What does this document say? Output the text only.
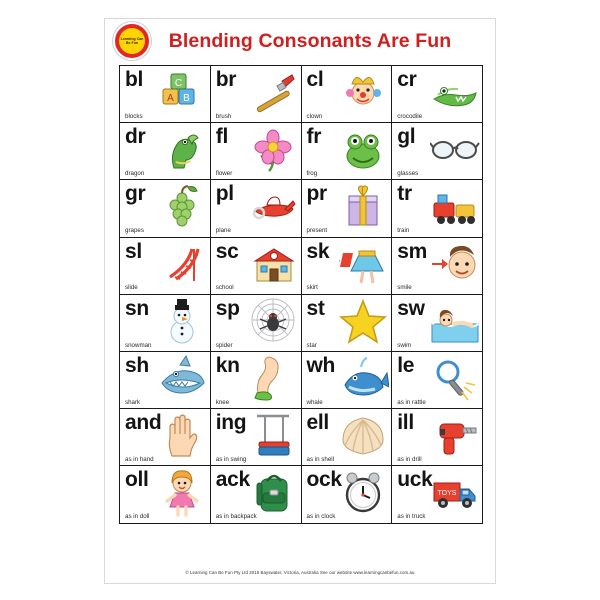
Learning Can Be Fun	Blending Consonants Are Fun
A B
C
bl
blocks
br
brush
cl
clown
cr
crocodile
dr
dragon
fl
flower
fr
frog
gl
glasses
gr
grapes
pl
plane
pr
present
tr
train
sl
slide
sc
school
sk
skirt
sm
smile
sn
snowman
sp
spider
st
star
sw
swim
sh
shark
kn
knee
wh
whale
le
as in rattle
and
as in hand
ing
as in swing
ell
as in shell
ill
as in drill
oll
as in doll
ack
as in backpack
ock
as in clock
TOYS
uck
as in truck
© Learning Can Be Fun Pty Ltd 2015 Bayswater, Victoria, Australia See our website www.learningcanbefun.com.au
